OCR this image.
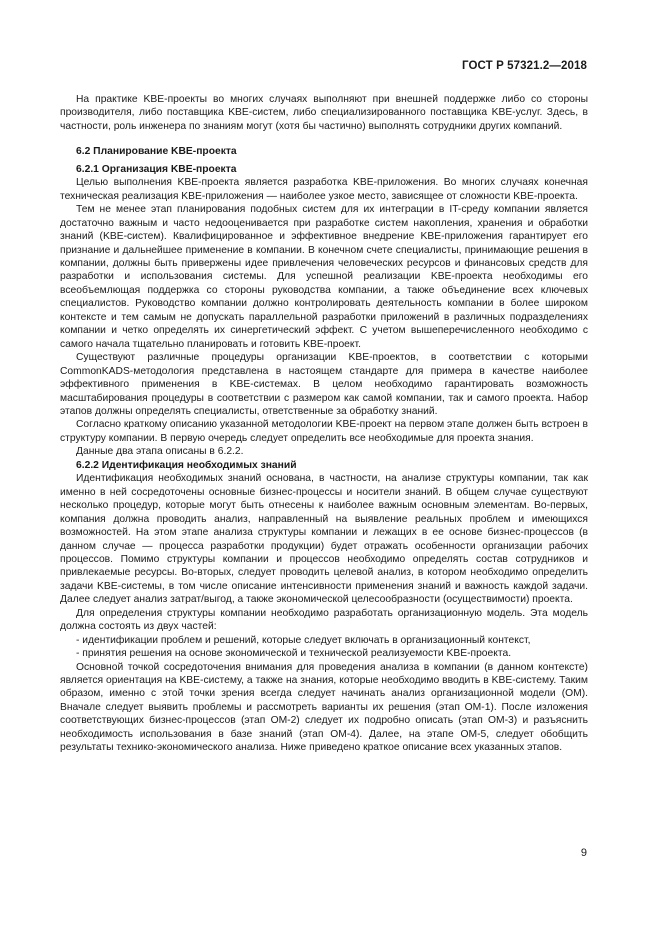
ГОСТ Р 57321.2—2018

На практике KBE-проекты во многих случаях выполняют при внешней поддержке либо со стороны производителя, либо поставщика KBE-систем, либо специализированного поставщика KBE-услуг. Здесь, в частности, роль инженера по знаниям могут (хотя бы частично) выполнять сотрудники других компаний.

6.2 Планирование KBE-проекта
6.2.1 Организация KBE-проекта

Целью выполнения KBE-проекта является разработка KBE-приложения. Во многих случаях конечная техническая реализация KBE-приложения — наиболее узкое место, зависящее от сложности KBE-проекта.

Тем не менее этап планирования подобных систем для их интеграции в IT-среду компании является достаточно важным и часто недооценивается при разработке систем накопления, хранения и обработки знаний (KBE-систем). Квалифицированное и эффективное внедрение KBE-приложения гарантирует его признание и дальнейшее применение в компании. В конечном счете специалисты, принимающие решения в компании, должны быть привержены идее привлечения человеческих ресурсов и финансовых средств для разработки и использования системы. Для успешной реализации KBE-проекта необходимы его всеобъемлющая поддержка со стороны руководства компании, а также объединение всех ключевых специалистов. Руководство компании должно контролировать деятельность компании в более широком контексте и тем самым не допускать параллельной разработки приложений в различных подразделениях компании и четко определять их синергетический эффект. С учетом вышеперечисленного необходимо с самого начала тщательно планировать и готовить KBE-проект.

Существуют различные процедуры организации KBE-проектов, в соответствии с которыми CommonKADS-методология представлена в настоящем стандарте для примера в качестве наиболее эффективного применения в KBE-системах. В целом необходимо гарантировать возможность масштабирования процедуры в соответствии с размером как самой компании, так и самого проекта. Набор этапов должны определять специалисты, ответственные за обработку знаний.

Согласно краткому описанию указанной методологии KBE-проект на первом этапе должен быть встроен в структуру компании. В первую очередь следует определить все необходимые для проекта знания.

Данные два этапа описаны в 6.2.2.

6.2.2 Идентификация необходимых знаний

Идентификация необходимых знаний основана, в частности, на анализе структуры компании, так как именно в ней сосредоточены основные бизнес-процессы и носители знаний. В общем случае существуют несколько процедур, которые могут быть отнесены к наиболее важным основным элементам. Во-первых, компания должна проводить анализ, направленный на выявление реальных проблем и имеющихся возможностей. На этом этапе анализа структуры компании и лежащих в ее основе бизнес-процессов (в данном случае — процесса разработки продукции) будет отражать особенности организации рабочих процессов. Помимо структуры компании и процессов необходимо определять состав сотрудников и привлекаемые ресурсы. Во-вторых, следует проводить целевой анализ, в котором необходимо определить задачи KBE-системы, в том числе описание интенсивности применения знаний и важность каждой задачи. Далее следует анализ затрат/выгод, а также экономической целесообразности (осуществимости) проекта.

Для определения структуры компании необходимо разработать организационную модель. Эта модель должна состоять из двух частей:

- идентификации проблем и решений, которые следует включать в организационный контекст,
- принятия решения на основе экономической и технической реализуемости KBE-проекта.

Основной точкой сосредоточения внимания для проведения анализа в компании (в данном контексте) является ориентация на KBE-систему, а также на знания, которые необходимо вводить в KBE-систему. Таким образом, именно с этой точки зрения всегда следует начинать анализ организационной модели (ОМ). Вначале следует выявить проблемы и рассмотреть варианты их решения (этап ОМ-1). После изложения соответствующих бизнес-процессов (этап ОМ-2) следует их подробно описать (этап ОМ-3) и разъяснить необходимость использования в базе знаний (этап ОМ-4). Далее, на этапе ОМ-5, следует обобщить результаты технико-экономического анализа. Ниже приведено краткое описание всех указанных этапов.

9
